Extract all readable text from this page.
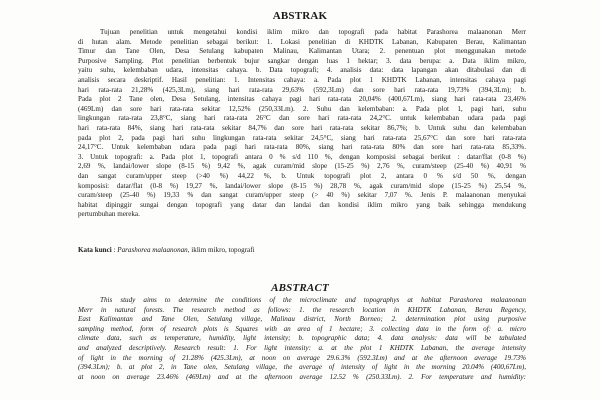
ABSTRAK
Tujuan penelitian untuk mengetahui kondisi iklim mikro dan topografi pada habitat Parashorea malaanonan Merr
di hutan alam. Metode penelitian sebagai berikut: 1. Lokasi penelitian di KHDTK Labanan, Kabupaten Berau, Kalimantan
Timur dan Tane Olen, Desa Setulang kabupaten Malinau, Kalimantan Utara; 2. penentuan plot menggunakan metode
Purposive Sampling. Plot penelitian berbentuk bujur sangkar dengan luas 1 hektar; 3. data berupa: a. Data iklim mikro,
yaitu suhu, kelembaban udara, intensitas cahaya. b. Data topografi; 4. analisis data: data lapangan akan ditabulasi dan di
analisis secara deskriptif. Hasil penelitian: 1. Intensitas cahaya: a. Pada plot 1 KHDTK Labanan, intensitas cahaya pagi
hari rata-rata 21,28% (425,3Lm), siang hari rata-rata 29,63% (592,3Lm) dan sore hari rata-rata 19,73% (394,3Lm); b.
Pada plot 2 Tane olen, Desa Setulang, intensitas cahaya pagi hari rata-rata 20,04% (400,67Lm), siang hari rata-rata 23,46%
(469Lm) dan sore hari rata-rata sekitar 12,52% (250,33Lm). 2. Suhu dan kelembaban: a. Pada plot 1, pagi hari, suhu
lingkungan rata-rata 23,8°C, siang hari rata-rata 26°C dan sore hari rata-rata 24,2°C. untuk kelembaban udara pada pagi
hari rata-rata 84%, siang hari rata-rata sekitar 84,7% dan sore hari rata-rata sekitar 86,7%; b. Untuk suhu dan kelembaban
pada plot 2, pada pagi hari suhu lingkungan rata-rata sekitar 24,5°C, siang hari rata-rata 25,67°C dan sore hari rata-rata
24,17°C. Untuk kelembaban udara pada pagi hari rata-rata 80%, siang hari rata-rata 80% dan sore hari rata-rata 85,33%.
3. Untuk topografi: a. Pada plot 1, topografi antara 0 % s/d 110 %, dengan komposisi sebagai berikut : datar/flat (0-8 %)
2,69 %, landai/lower slope (8-15 %) 9,42 %, agak curam/mid slope (15-25 %) 2,76 %, curam/steep (25-40 %) 40,91 %
dan sangat curam/upper steep (>40 %) 44,22 %, b. Untuk topografi plot 2, antara 0 % s/d 50 %, dengan
komposisi: datar/flat (0-8 %) 19,27 %, landai/lower slope (8-15 %) 28,78 %, agak curam/mid slope (15-25 %) 25,54 %,
curam/steep (25-40 %) 19,33 % dan sangat curam/upper steep (> 40 %) sekitar 7,07 %. Jenis P. malaanonan menyukai
habitat dipinggir sungai dengan topografi yang datar dan landai dan kondisi iklim mikro yang baik sehingga mendukung
pertumbuhan mereka.
Kata kunci : Parashorea malaanonan, iklim mikro, topografi
ABSTRACT
This study aims to determine the conditions of the microclimate and topographys at habitat Parashorea malaanonan
Merr in natural forests. The research method as follows: 1. the research location in KHDTK Labanan, Berau Regency,
East Kalimantan and Tane Olen, Setulang village, Malinau district, North Borneo; 2. determination plot using purposive
sampling method, form of research plots is Squares with an area of 1 hectare; 3. collecting data in the form of: a. micro
climate data, such as temperature, humidity, light intensity; b. topographic data; 4. data analysis: data will be tabulated
and analyzed descriptively. Research result: 1. For light intensity: a. at the plot 1 KHDTK Labanan, the average intensity
of light in the morning of 21.28% (425.3Lm), at noon on average 29.6.3% (592.3Lm) and at the afternoon average 19.73%
(394.3Lm); b. at plot 2, in Tane olen, Setulang village, the average of intensity of light in the morning 20.04% (400,67Lm),
at noon on average 23.46% (469Lm) and at the afternoon average 12.52 % (250.33Lm). 2. For temperature and humidity:
